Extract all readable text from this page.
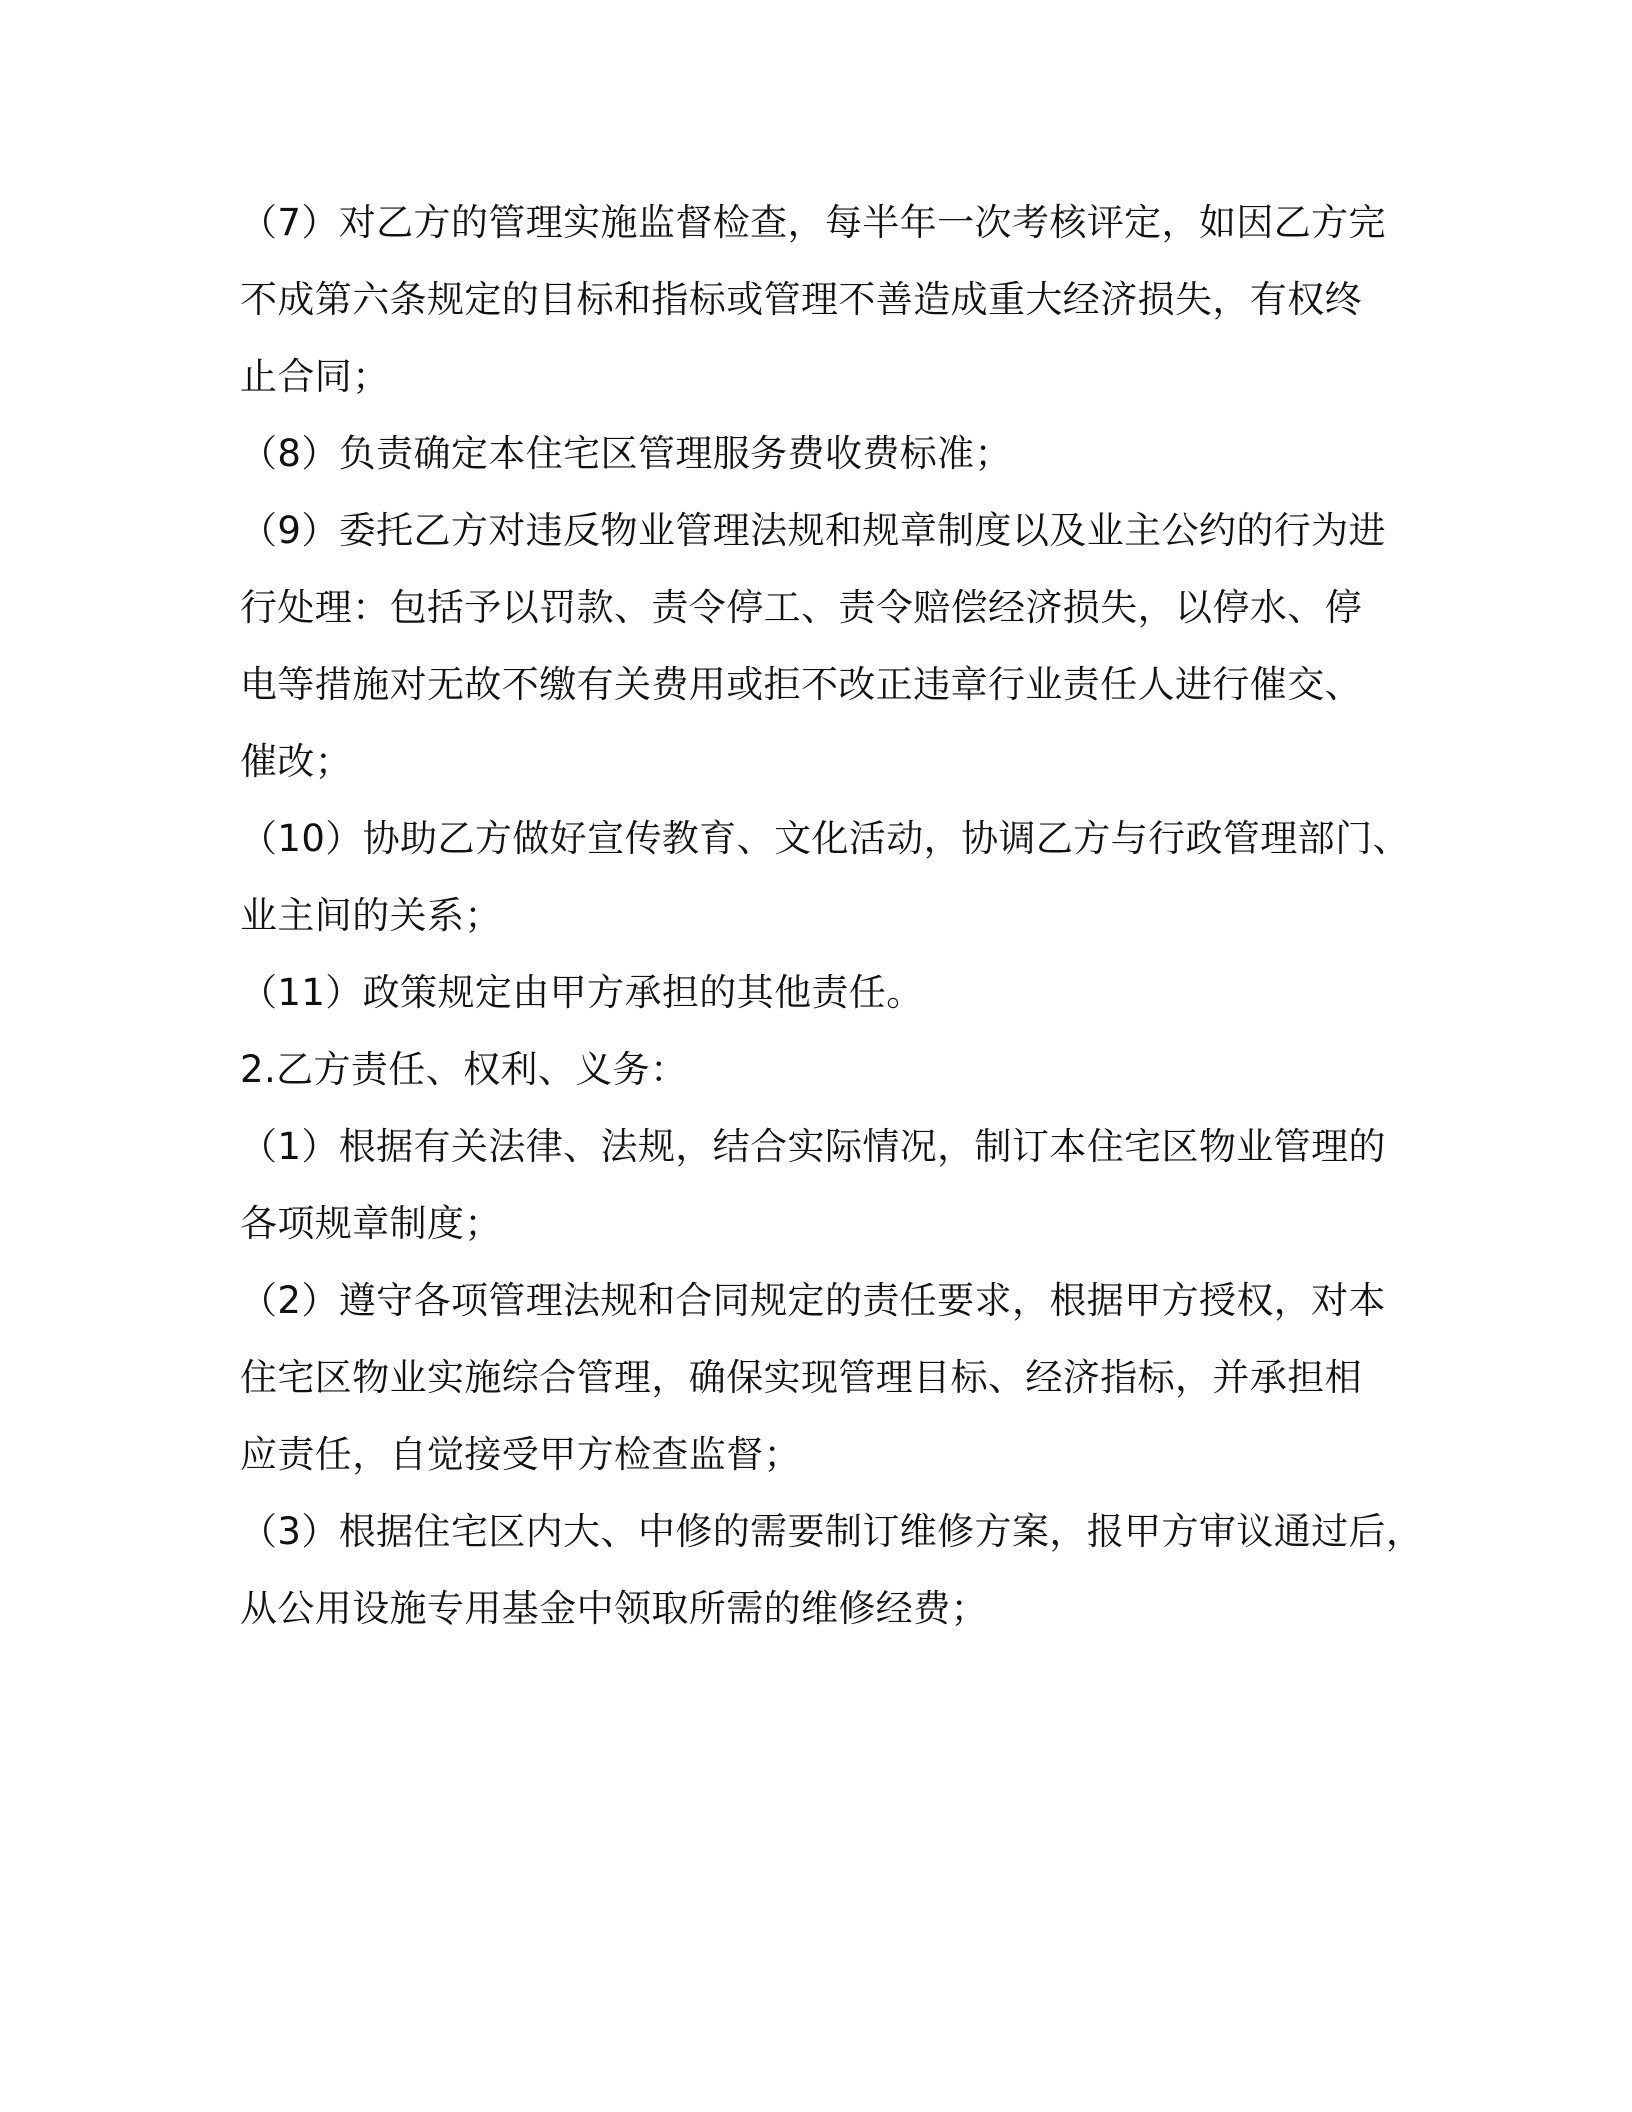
（7）对乙方的管理实施监督检查，每半年一次考核评定，如因乙方完
不成第六条规定的目标和指标或管理不善造成重大经济损失，有权终
止合同；
（8）负责确定本住宅区管理服务费收费标准；
（9）委托乙方对违反物业管理法规和规章制度以及业主公约的行为进
行处理：包括予以罚款、责令停工、责令赔偿经济损失，以停水、停
电等措施对无故不缴有关费用或拒不改正违章行业责任人进行催交、
催改；
（10）协助乙方做好宣传教育、文化活动，协调乙方与行政管理部门、
业主间的关系；
（11）政策规定由甲方承担的其他责任。
2.乙方责任、权利、义务：
（1）根据有关法律、法规，结合实际情况，制订本住宅区物业管理的
各项规章制度；
（2）遵守各项管理法规和合同规定的责任要求，根据甲方授权，对本
住宅区物业实施综合管理，确保实现管理目标、经济指标，并承担相
应责任，自觉接受甲方检查监督；
（3）根据住宅区内大、中修的需要制订维修方案，报甲方审议通过后，
从公用设施专用基金中领取所需的维修经费；
